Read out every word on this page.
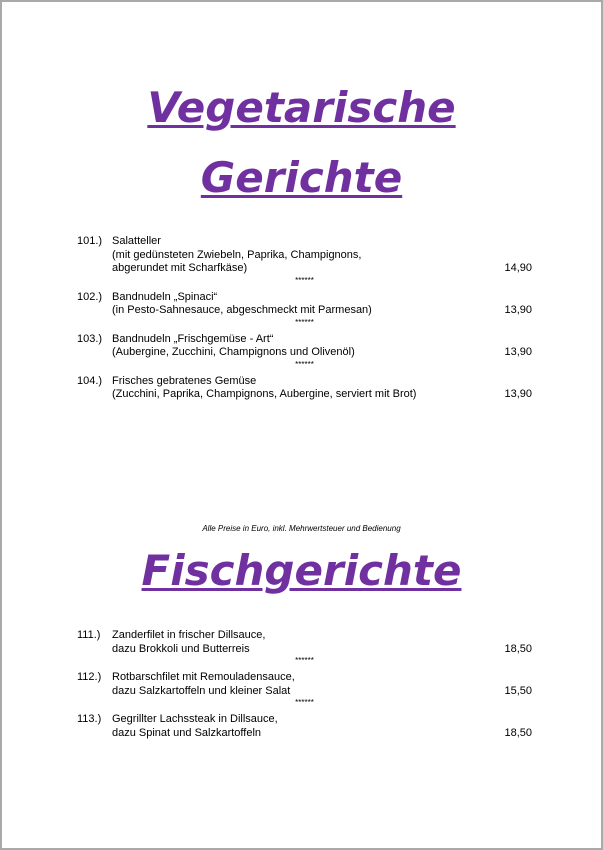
Vegetarische
Gerichte
101.) Salatteller
(mit gedünsteten Zwiebeln, Paprika, Champignons,
abgerundet mit Scharfkäse)	14,90
******
102.) Bandnudeln „Spinaci“
(in Pesto-Sahnesauce, abgeschmeckt mit Parmesan)	13,90
******
103.) Bandnudeln „Frischgemüse - Art“
(Aubergine, Zucchini, Champignons und Olivenöl)	13,90
******
104.) Frisches gebratenes Gemüse
(Zucchini, Paprika, Champignons, Aubergine, serviert mit Brot)	13,90
Alle Preise in Euro, inkl. Mehrwertsteuer und Bedienung
Fischgerichte
111.)	Zanderfilet in frischer Dillsauce,
dazu Brokkoli und Butterreis	18,50
******
112.) Rotbarschfilet mit Remouladensauce,
dazu Salzkartoffeln und kleiner Salat	15,50
******
113.) Gegrillter Lachssteak in Dillsauce,
dazu Spinat und Salzkartoffeln	18,50
